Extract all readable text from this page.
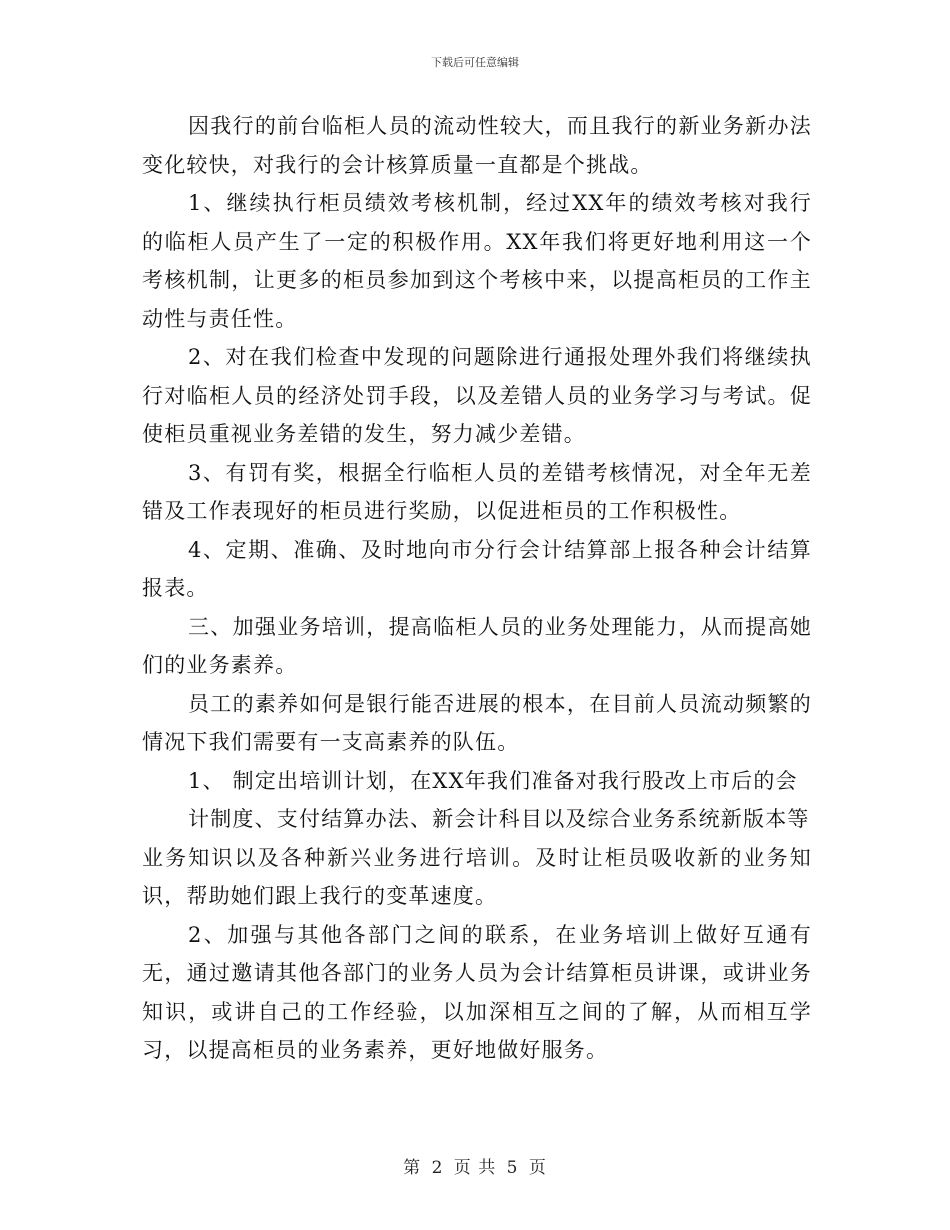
下载后可任意编辑

因我行的前台临柜人员的流动性较大，而且我行的新业务新办法变化较快，对我行的会计核算质量一直都是个挑战。

1、继续执行柜员绩效考核机制，经过XX年的绩效考核对我行的临柜人员产生了一定的积极作用。XX年我们将更好地利用这一个考核机制，让更多的柜员参加到这个考核中来，以提高柜员的工作主动性与责任性。

2、对在我们检查中发现的问题除进行通报处理外我们将继续执行对临柜人员的经济处罚手段，以及差错人员的业务学习与考试。促使柜员重视业务差错的发生，努力减少差错。

3、有罚有奖，根据全行临柜人员的差错考核情况，对全年无差错及工作表现好的柜员进行奖励，以促进柜员的工作积极性。

4、定期、准确、及时地向市分行会计结算部上报各种会计结算报表。

三、加强业务培训，提高临柜人员的业务处理能力，从而提高她们的业务素养。

员工的素养如何是银行能否进展的根本，在目前人员流动频繁的情况下我们需要有一支高素养的队伍。

1、 制定出培训计划，在XX年我们准备对我行股改上市后的会

计制度、支付结算办法、新会计科目以及综合业务系统新版本等

业务知识以及各种新兴业务进行培训。及时让柜员吸收新的业务知识，帮助她们跟上我行的变革速度。

2、加强与其他各部门之间的联系，在业务培训上做好互通有无，通过邀请其他各部门的业务人员为会计结算柜员讲课，或讲业务知识，或讲自己的工作经验，以加深相互之间的了解，从而相互学习，以提高柜员的业务素养，更好地做好服务。

第 2 页 共 5 页
